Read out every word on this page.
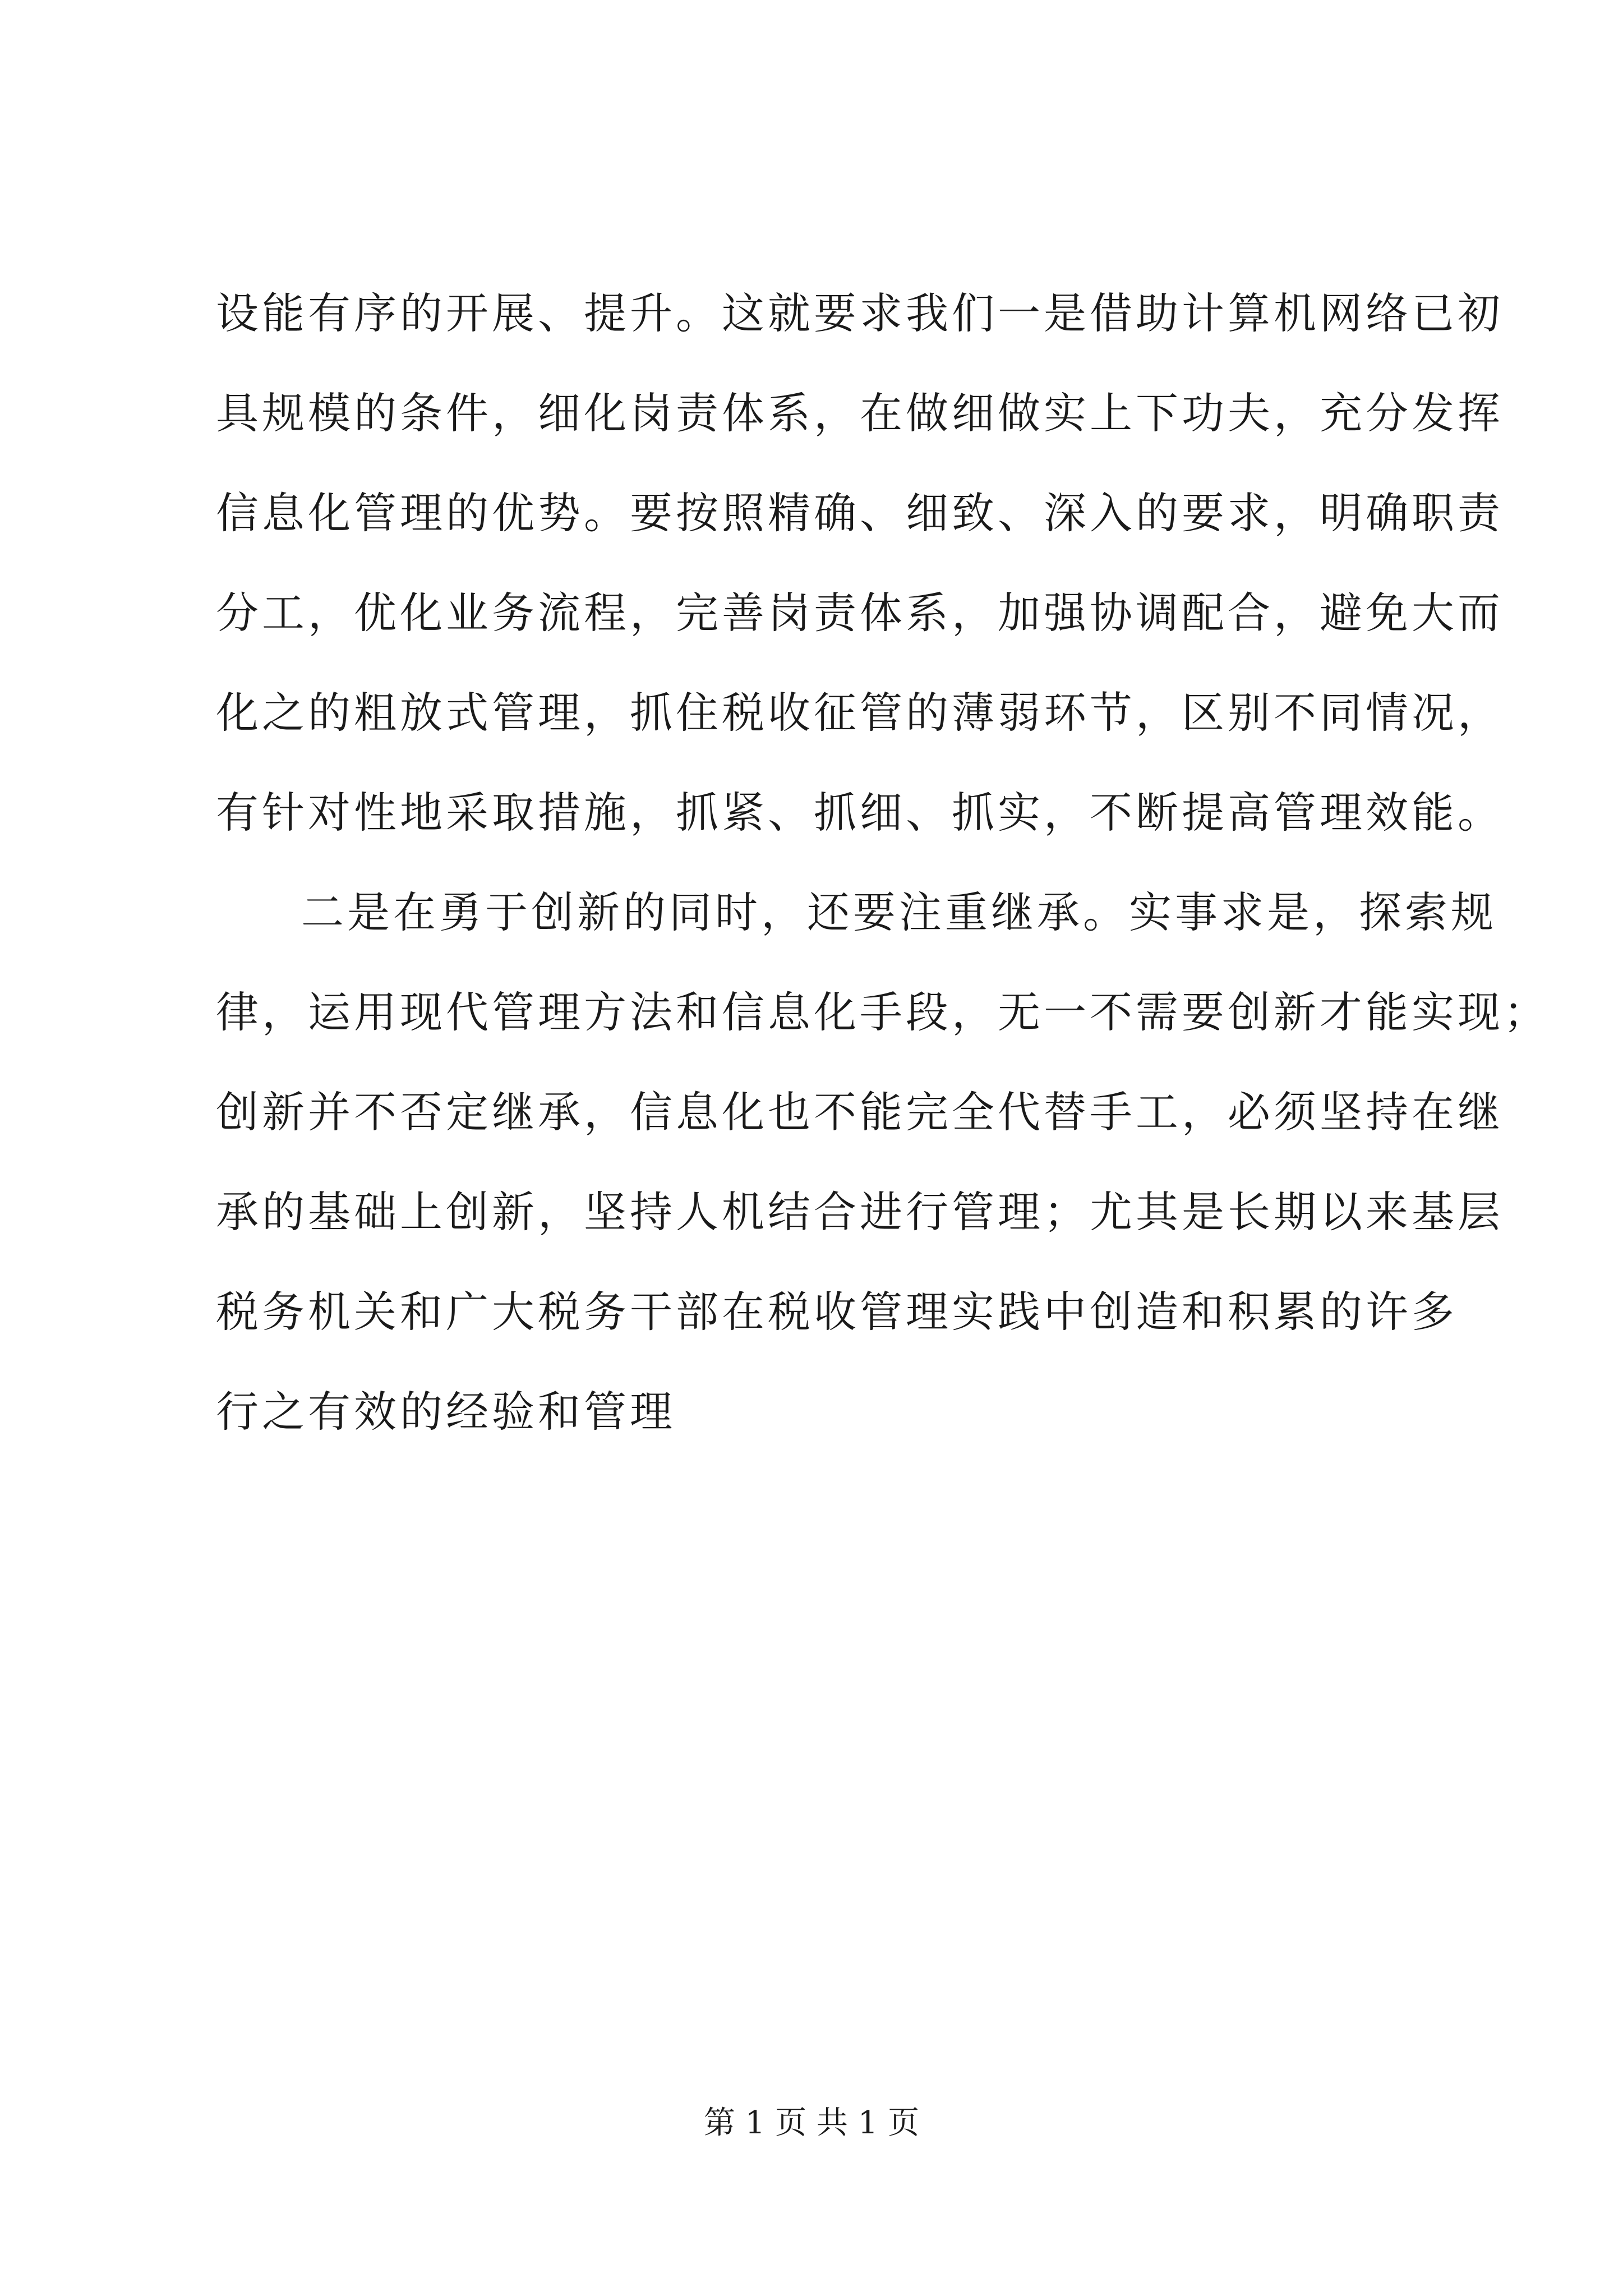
设能有序的开展、提升。这就要求我们一是借助计算机网络已初
具规模的条件，细化岗责体系，在做细做实上下功夫，充分发挥
信息化管理的优势。要按照精确、细致、深入的要求，明确职责
分工，优化业务流程，完善岗责体系，加强协调配合，避免大而
化之的粗放式管理，抓住税收征管的薄弱环节，区别不同情况，
有针对性地采取措施，抓紧、抓细、抓实，不断提高管理效能。
二是在勇于创新的同时，还要注重继承。实事求是，探索规
律，运用现代管理方法和信息化手段，无一不需要创新才能实现；
创新并不否定继承，信息化也不能完全代替手工，必须坚持在继
承的基础上创新，坚持人机结合进行管理；尤其是长期以来基层
税务机关和广大税务干部在税收管理实践中创造和积累的许多
行之有效的经验和管理
第 1 页 共 1 页
